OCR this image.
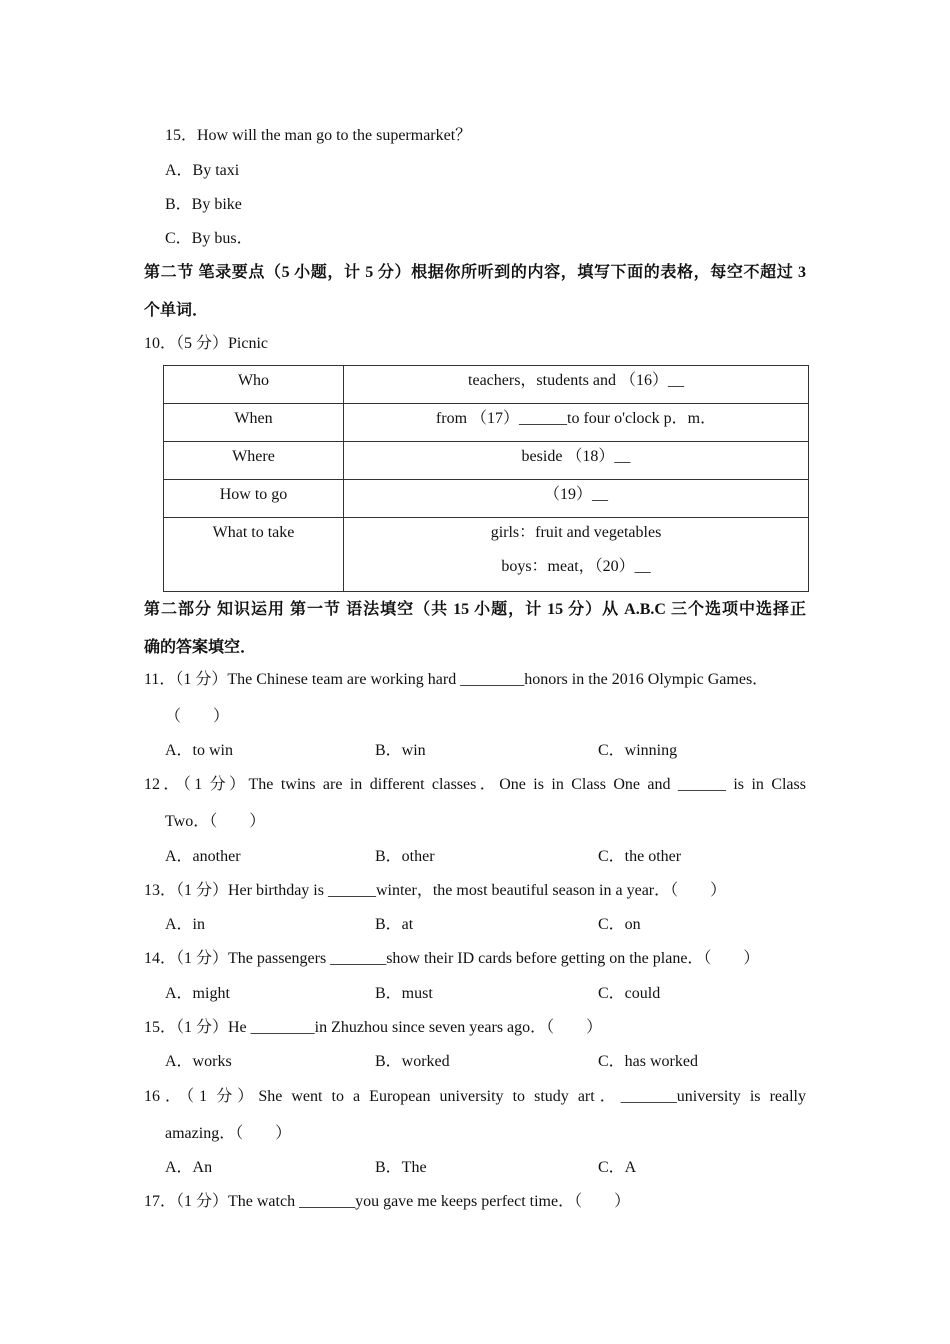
15．How will the man go to the supermarket？
A．By taxi
B．By bike
C．By bus．
第二节 笔录要点（5 小题，计 5 分）根据你所听到的内容，填写下面的表格，每空不超过 3
个单词．
10．（5 分）Picnic
Who	teachers，students and （16）__
When	from （17）______to four o'clock p．m．
Where	beside （18）__
How to go	（19）__
What to take	girls：fruit and vegetables
boys：meat，（20）__
第二部分 知识运用 第一节 语法填空（共 15 小题，计 15 分）从 A.B.C 三个选项中选择正
确的答案填空．
11．（1 分）The Chinese team are working hard ________honors in the 2016 Olympic Games．
（　　）
A．to win	B．win	C．winning
12．（1 分）The twins are in different classes．One is in Class One and ______ is in Class
Two．（　　）
A．another	B．other	C．the other
13．（1 分）Her birthday is ______winter，the most beautiful season in a year．（　　）
A．in	B．at	C．on
14．（1 分）The passengers _______show their ID cards before getting on the plane．（　　）
A．might	B．must	C．could
15．（1 分）He ________in Zhuzhou since seven years ago．（　　）
A．works	B．worked	C．has worked
16．（1 分）She went to a European university to study art．_______university is really
amazing．（　　）
A．An	B．The	C．A
17．（1 分）The watch _______you gave me keeps perfect time．（　　）
